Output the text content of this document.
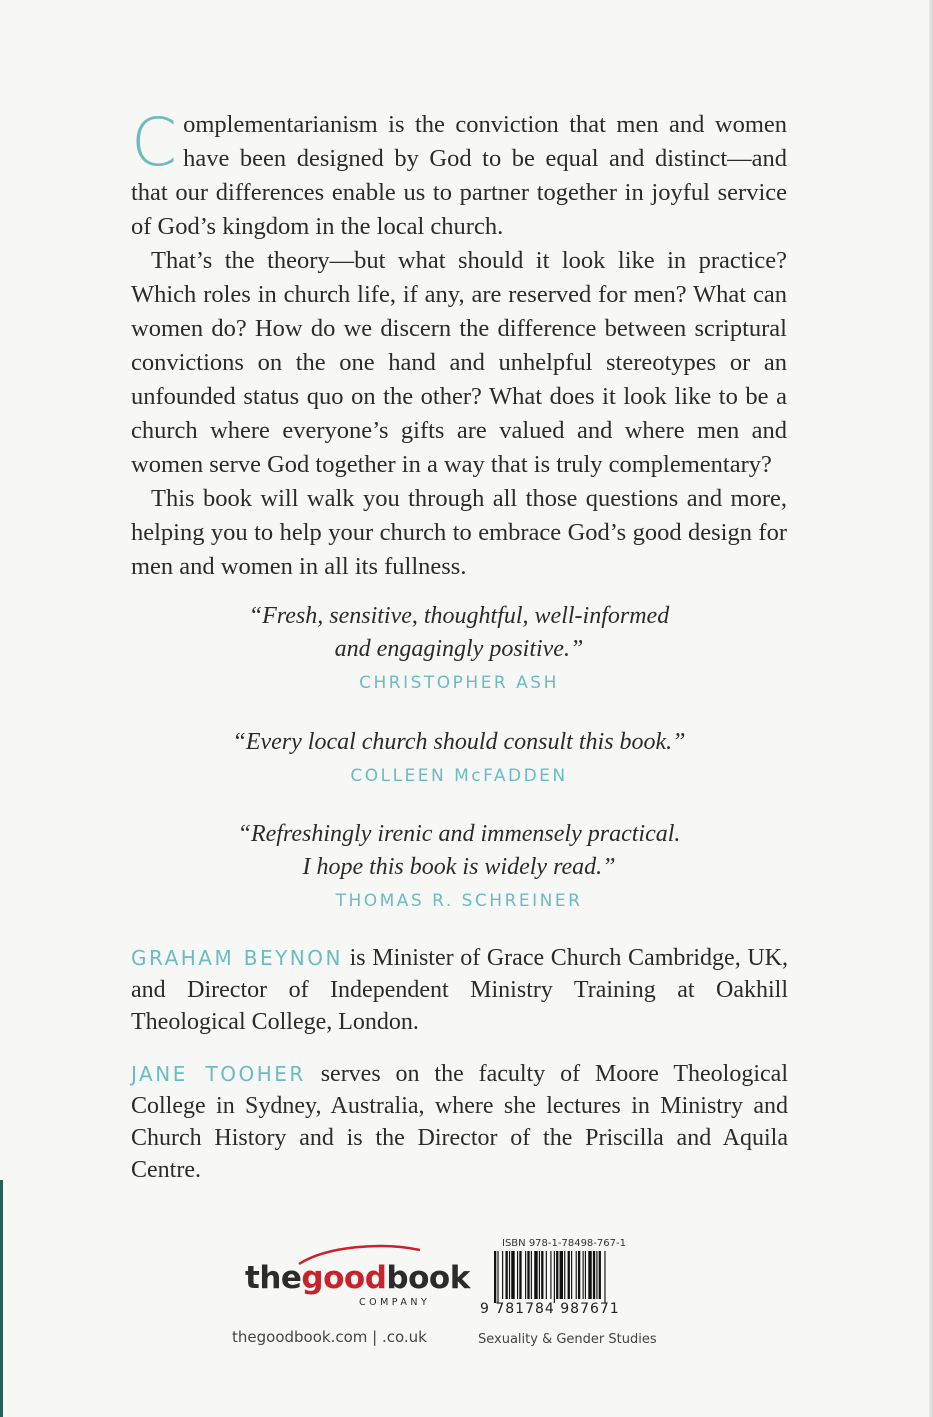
Complementarianism is the conviction that men and women have been designed by God to be equal and distinct—and that our differences enable us to partner together in joyful service of God’s kingdom in the local church.

That’s the theory—but what should it look like in practice? Which roles in church life, if any, are reserved for men? What can women do? How do we discern the difference between scriptural convictions on the one hand and unhelpful stereotypes or an unfounded status quo on the other? What does it look like to be a church where everyone’s gifts are valued and where men and women serve God together in a way that is truly complementary?

This book will walk you through all those questions and more, helping you to help your church to embrace God’s good design for men and women in all its fullness.

“Fresh, sensitive, thoughtful, well-informed

and engagingly positive.”

CHRISTOPHER ASH

“Every local church should consult this book.”

COLLEEN McFADDEN

“Refreshingly irenic and immensely practical.

I hope this book is widely read.”

THOMAS R. SCHREINER

GRAHAM BEYNON is Minister of Grace Church Cambridge, UK, and Director of Independent Ministry Training at Oakhill Theological College, London.

JANE TOOHER serves on the faculty of Moore Theological College in Sydney, Australia, where she lectures in Ministry and Church History and is the Director of the Priscilla and Aquila Centre.

thegoodbook
COMPANY
thegoodbook.com | .co.uk
ISBN 978-1-78498-767-1
9 781784 987671
Sexuality & Gender Studies
